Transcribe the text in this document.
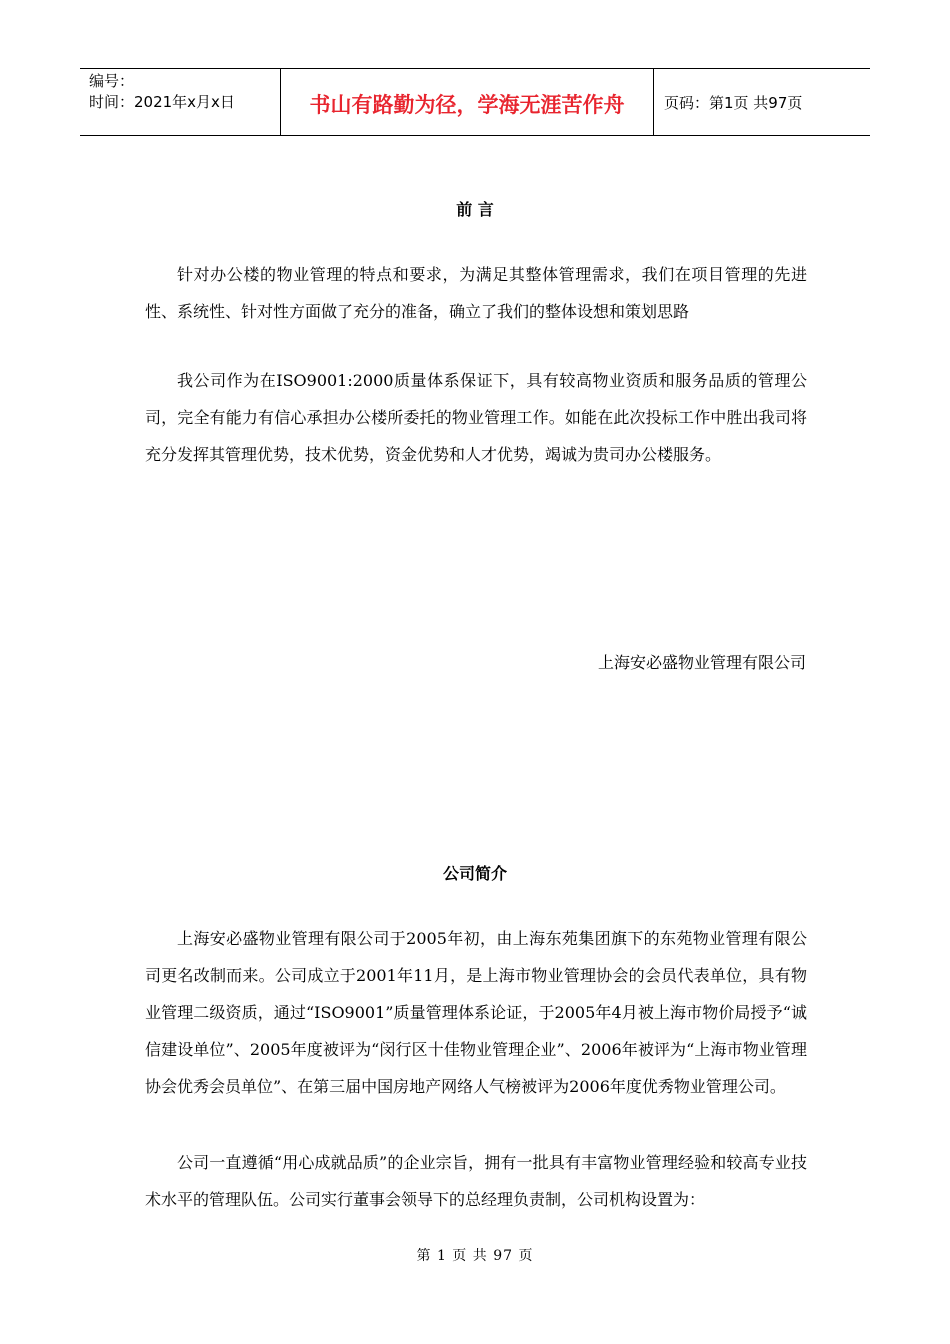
编号：
时间：2021年x月x日	书山有路勤为径，学海无涯苦作舟	页码：第1页 共97页
前 言

针对办公楼的物业管理的特点和要求，为满足其整体管理需求，我们在项目管理的先进性、系统性、针对性方面做了充分的准备，确立了我们的整体设想和策划思路

我公司作为在ISO9001:2000质量体系保证下，具有较高物业资质和服务品质的管理公司，完全有能力有信心承担办公楼所委托的物业管理工作。如能在此次投标工作中胜出我司将充分发挥其管理优势，技术优势，资金优势和人才优势，竭诚为贵司办公楼服务。

上海安必盛物业管理有限公司
公司简介

上海安必盛物业管理有限公司于2005年初，由上海东苑集团旗下的东苑物业管理有限公司更名改制而来。公司成立于2001年11月，是上海市物业管理协会的会员代表单位，具有物业管理二级资质，通过“ISO9001”质量管理体系论证，于2005年4月被上海市物价局授予“诚信建设单位”、2005年度被评为“闵行区十佳物业管理企业”、2006年被评为“上海市物业管理协会优秀会员单位”、在第三届中国房地产网络人气榜被评为2006年度优秀物业管理公司。

公司一直遵循“用心成就品质”的企业宗旨，拥有一批具有丰富物业管理经验和较高专业技术水平的管理队伍。公司实行董事会领导下的总经理负责制，公司机构设置为：

第 1 页 共 97 页
